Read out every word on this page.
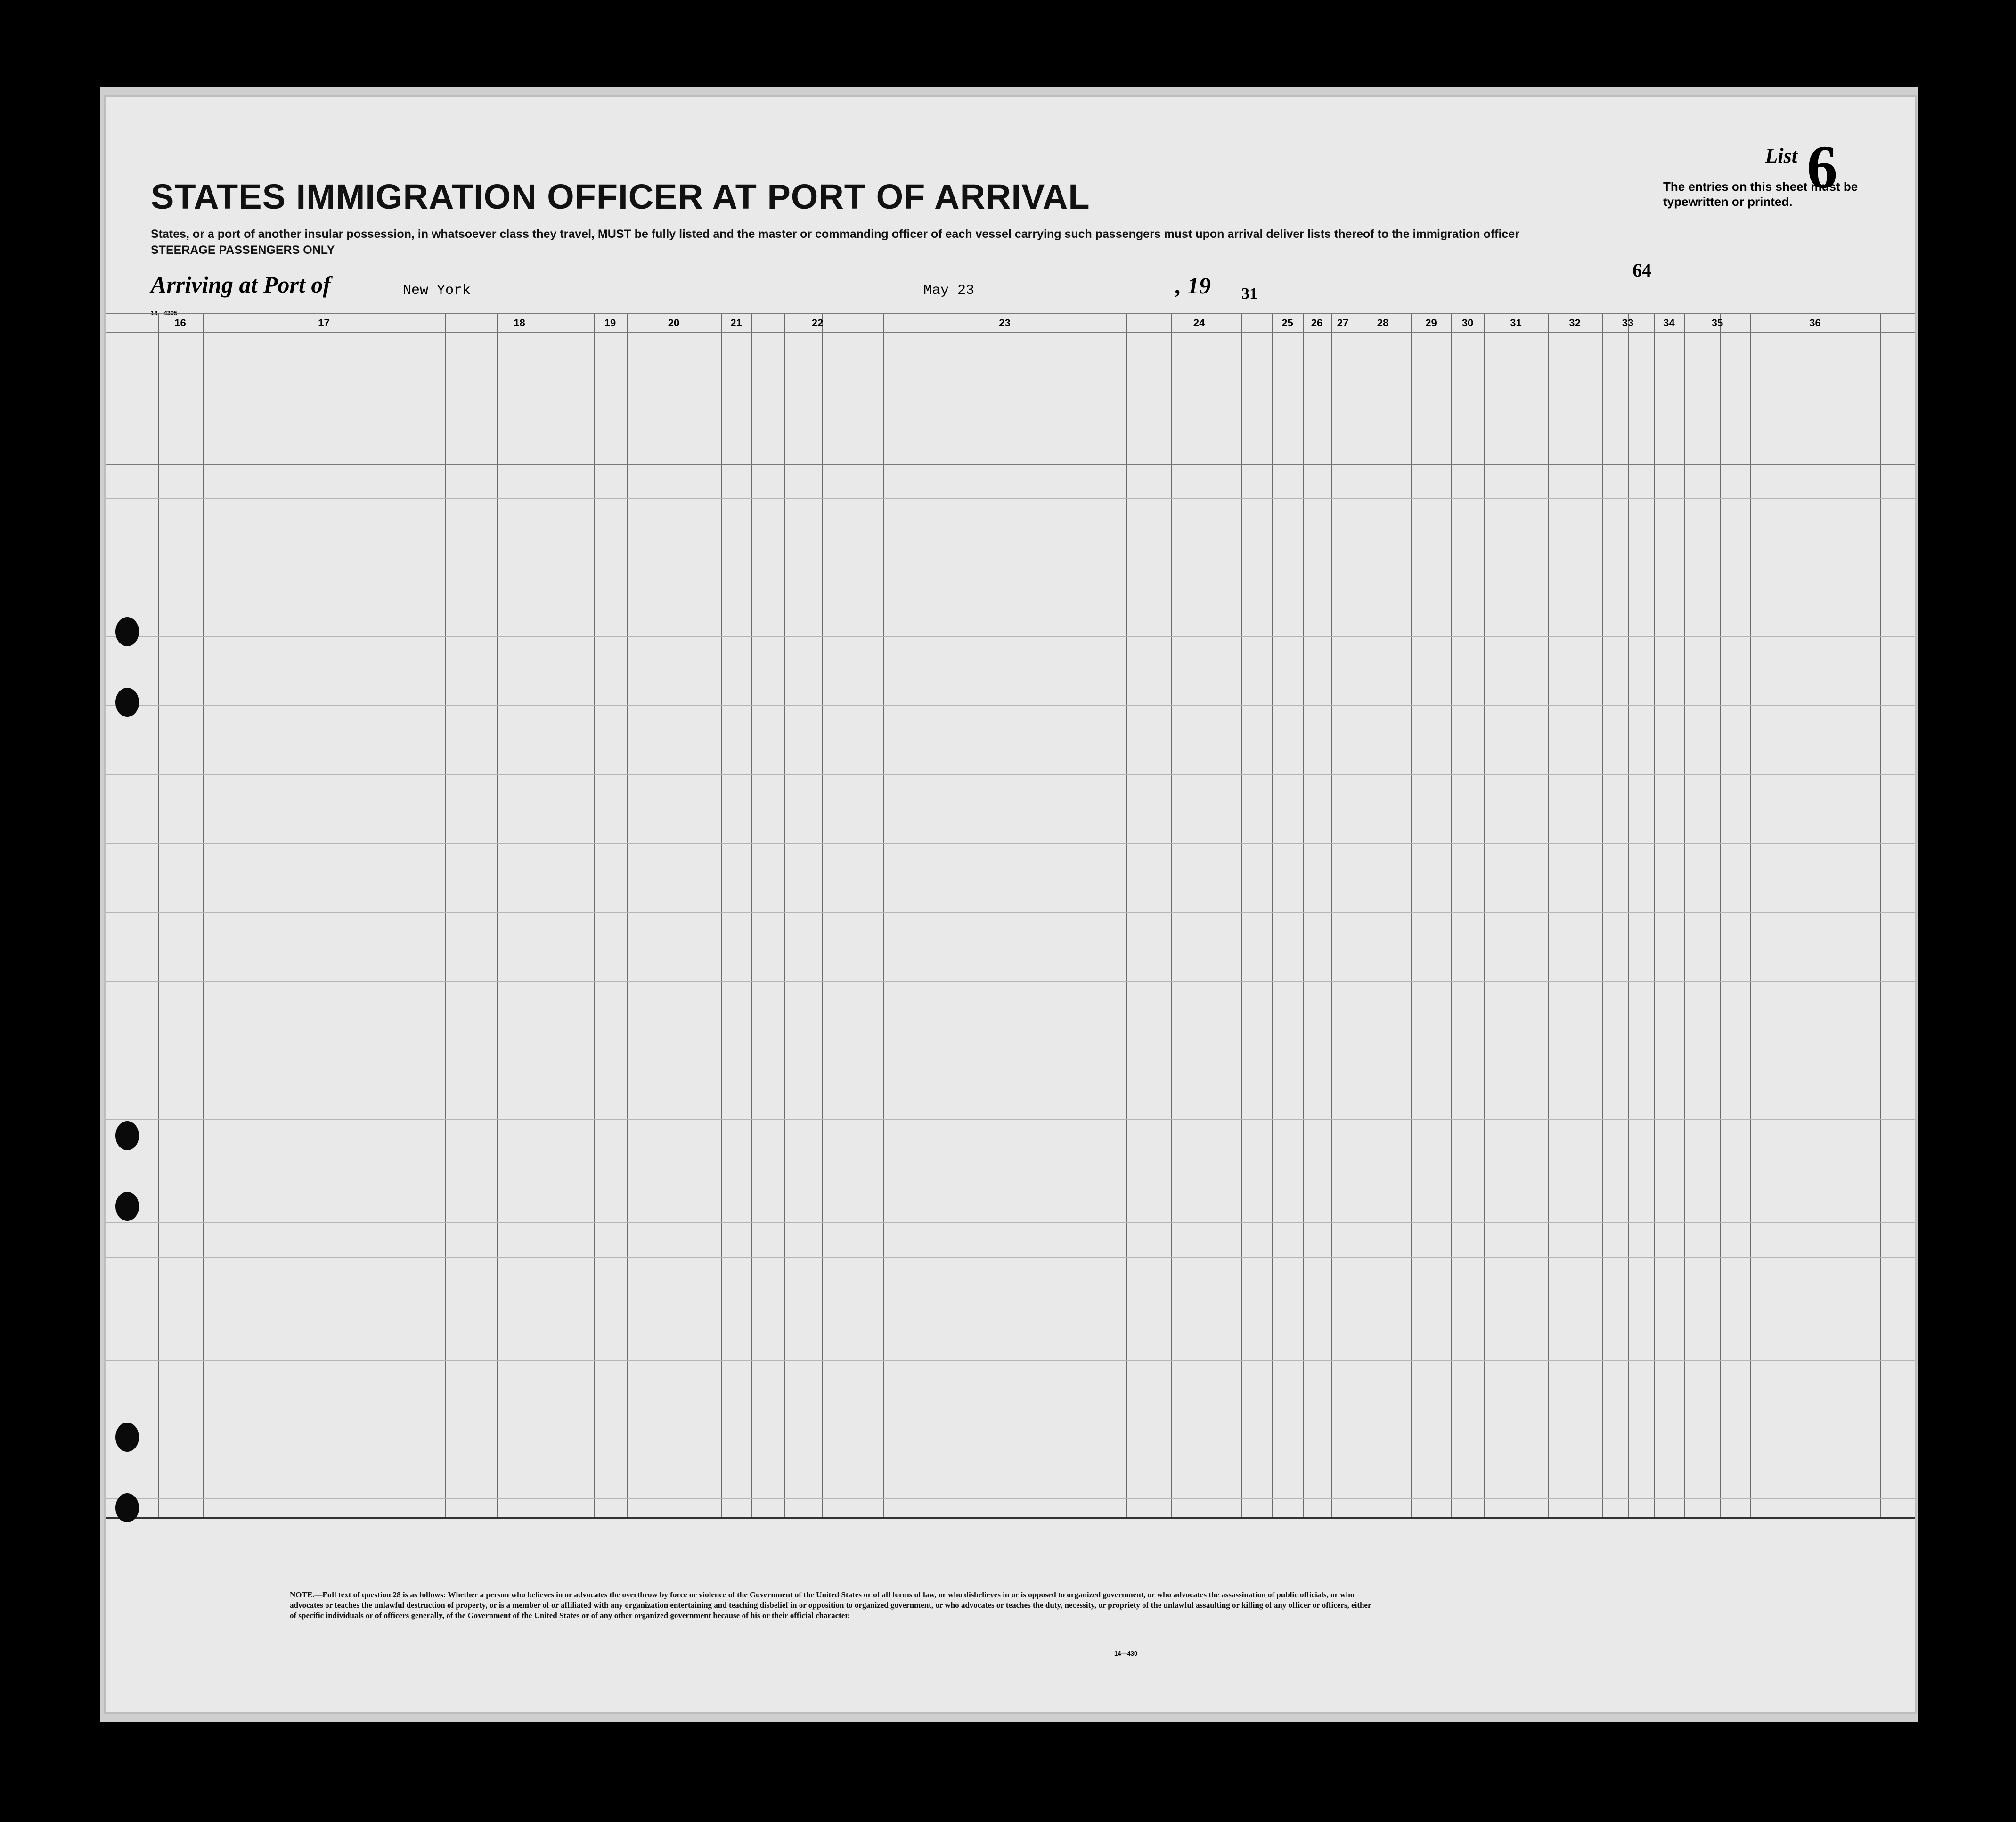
STATES IMMIGRATION OFFICER AT PORT OF ARRIVAL
States, or a port of another insular possession, in whatsoever class they travel, MUST be fully listed and the master or commanding officer of each vessel carrying such passengers must upon arrival deliver lists thereof to the immigration officer
STEERAGE PASSENGERS ONLY
List 6
The entries on this sheet must be typewritten or printed.
Arriving at Port of	New York	May 23	, 19 31
64
16	17	18	19	20	21	22	23	24	25	26	27	28	29	30	31	32	33	34	35	36
NOTE.—Full text of question 28 is as follows: Whether a person who believes in or advocates the overthrow by force or violence of the Government of the United States or of all forms of law, or who disbelieves in or is opposed to organized government, or who advocates the assassination of public officials, or who advocates or teaches the unlawful destruction of property, or is a member of or affiliated with any organization entertaining and teaching disbelief in or opposition to organized government, or who advocates or teaches the duty, necessity, or propriety of the unlawful assaulting or killing of any officer or officers, either of specific individuals or of officers generally, of the Government of the United States or of any other organized government because of his or their official character.
14—430
